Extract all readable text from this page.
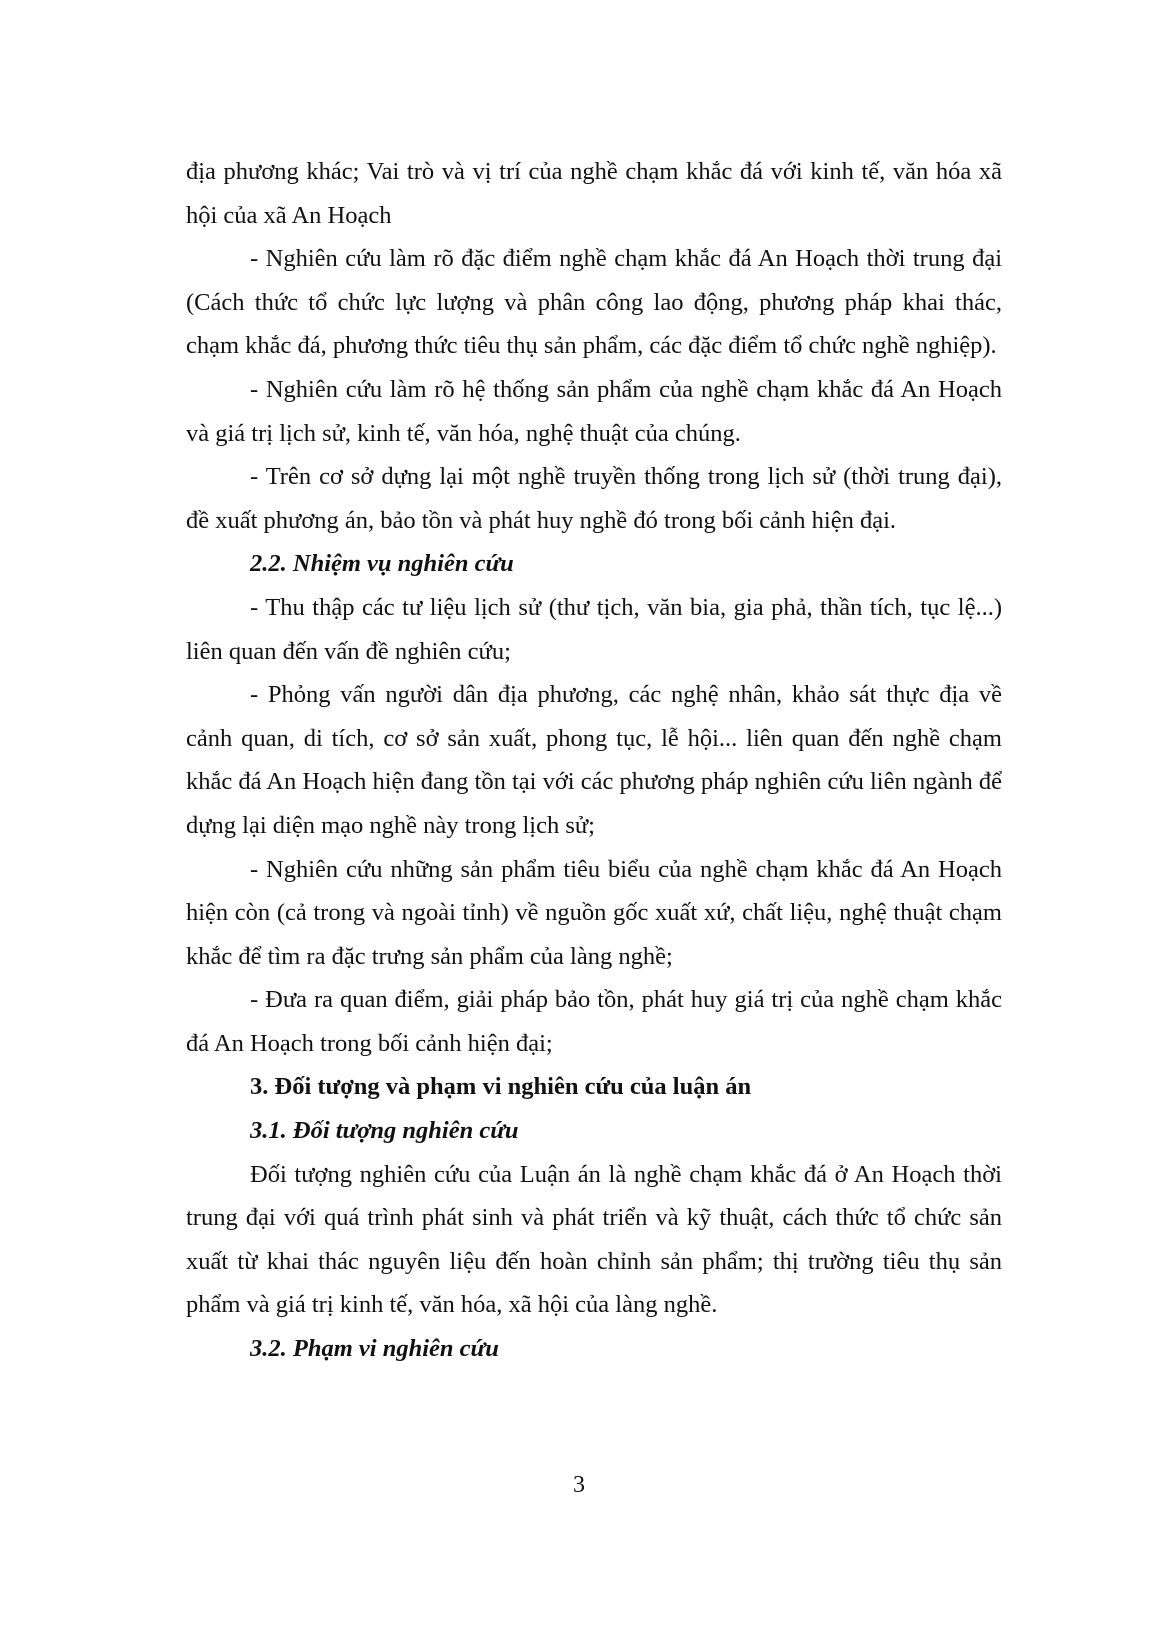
địa phương khác; Vai trò và vị trí của nghề chạm khắc đá với kinh tế, văn hóa xã hội của xã An Hoạch

- Nghiên cứu làm rõ đặc điểm nghề chạm khắc đá An Hoạch thời trung đại (Cách thức tổ chức lực lượng và phân công lao động, phương pháp khai thác, chạm khắc đá, phương thức tiêu thụ sản phẩm, các đặc điểm tổ chức nghề nghiệp).

- Nghiên cứu làm rõ hệ thống sản phẩm của nghề chạm khắc đá An Hoạch và giá trị lịch sử, kinh tế, văn hóa, nghệ thuật của chúng.

- Trên cơ sở dựng lại một nghề truyền thống trong lịch sử (thời trung đại), đề xuất phương án, bảo tồn và phát huy nghề đó trong bối cảnh hiện đại.

2.2. Nhiệm vụ nghiên cứu

- Thu thập các tư liệu lịch sử (thư tịch, văn bia, gia phả, thần tích, tục lệ...) liên quan đến vấn đề nghiên cứu;

- Phỏng vấn người dân địa phương, các nghệ nhân, khảo sát thực địa về cảnh quan, di tích, cơ sở sản xuất, phong tục, lễ hội... liên quan đến nghề chạm khắc đá An Hoạch hiện đang tồn tại với các phương pháp nghiên cứu liên ngành để dựng lại diện mạo nghề này trong lịch sử;

- Nghiên cứu những sản phẩm tiêu biểu của nghề chạm khắc đá An Hoạch hiện còn (cả trong và ngoài tỉnh) về nguồn gốc xuất xứ, chất liệu, nghệ thuật chạm khắc để tìm ra đặc trưng sản phẩm của làng nghề;

- Đưa ra quan điểm, giải pháp bảo tồn, phát huy giá trị của nghề chạm khắc đá An Hoạch trong bối cảnh hiện đại;

3. Đối tượng và phạm vi nghiên cứu của luận án

3.1. Đối tượng nghiên cứu

Đối tượng nghiên cứu của Luận án là nghề chạm khắc đá ở An Hoạch thời trung đại với quá trình phát sinh và phát triển và kỹ thuật, cách thức tổ chức sản xuất từ khai thác nguyên liệu đến hoàn chỉnh sản phẩm; thị trường tiêu thụ sản phẩm và giá trị kinh tế, văn hóa, xã hội của làng nghề.

3.2. Phạm vi nghiên cứu

3
